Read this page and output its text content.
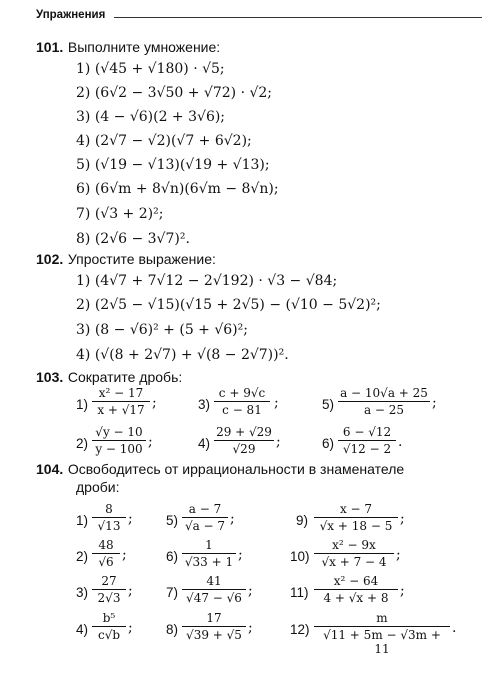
Упражнения
101. Выполните умножение:
1) (√45 + √180) · √5;
2) (6√2 − 3√50 + √72) · √2;
3) (4 − √6)(2 + 3√6);
4) (2√7 − √2)(√7 + 6√2);
5) (√19 − √13)(√19 + √13);
6) (6√m + 8√n)(6√m − 8√n);
7) (√3 + 2)²;
8) (2√6 − 3√7)².
102. Упростите выражение:
1) (4√7 + 7√12 − 2√192) · √3 − √84;
2) (2√5 − √15)(√15 + 2√5) − (√10 − 5√2)²;
3) (8 − √6)² + (5 + √6)²;
4) (√(8 + 2√7) + √(8 − 2√7))².
103. Сократите дробь:
$1) \frac{\text{x² − 17}}{x + √17}$ ;	$3) \frac{c + 9√c}{c - 81}$ ;	$5) \frac{a - 10√a + 25}{a - 25}$ ;
$2) \frac{√y - 10}{y - 100}$ ;	$4) \frac{29 + √29}{√29}$ ;	$6) \frac{6 - √12}{√12 - 2}$ .
104. Освободитесь от иррациональности в знаменателе
дроби:
$1) \frac{8}{√13}$ ; $5) \frac{a - 7}{√a - 7}$ ;	$9) \frac{x - 7}{√x + 18 - 5}$ ;
$2) \frac{48}{√6}$ ;	$6) \frac{1}{√33 + 1}$ ;	$10) \frac{\text{x² − 9x}}{√x + 7 - 4}$ ;
$3) \frac{27}{2√3}$ ; $7) \frac{41}{√47 - √6}$ ;	$11) \frac{\text{x² − 64}}{4 + √x + 8}$ ;
$4) \frac{\text{b⁵}}{c√b}$ ; $8) \frac{17}{√39 + √5}$ ;	$12) \frac{m}{√11 + 5m - √3m + 11}$ .
